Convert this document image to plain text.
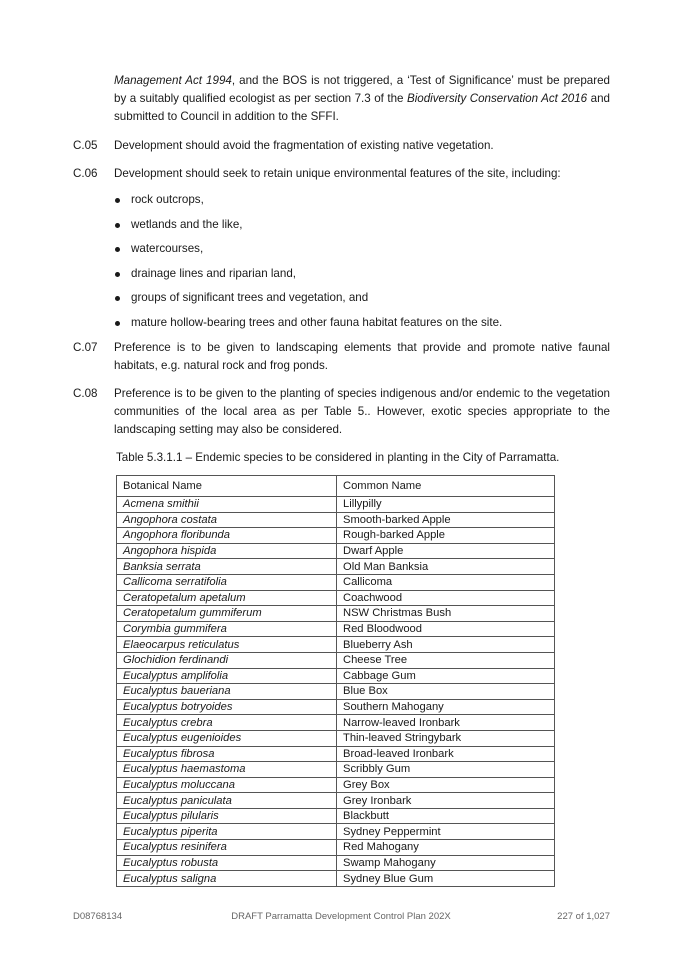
Management Act 1994, and the BOS is not triggered, a ‘Test of Significance’ must be prepared by a suitably qualified ecologist as per section 7.3 of the Biodiversity Conservation Act 2016 and submitted to Council in addition to the SFFI.

C.05	Development should avoid the fragmentation of existing native vegetation.
C.06	Development should seek to retain unique environmental features of the site, including:
rock outcrops,
wetlands and the like,
watercourses,
drainage lines and riparian land,
groups of significant trees and vegetation, and
mature hollow-bearing trees and other fauna habitat features on the site.
C.07	Preference is to be given to landscaping elements that provide and promote native faunal habitats, e.g. natural rock and frog ponds.
C.08	Preference is to be given to the planting of species indigenous and/or endemic to the vegetation communities of the local area as per Table 5.. However, exotic species appropriate to the landscaping setting may also be considered.
Table 5.3.1.1 – Endemic species to be considered in planting in the City of Parramatta.
Botanical Name	Common Name
Acmena smithii	Lillypilly
Angophora costata	Smooth-barked Apple
Angophora floribunda	Rough-barked Apple
Angophora hispida	Dwarf Apple
Banksia serrata	Old Man Banksia
Callicoma serratifolia	Callicoma
Ceratopetalum apetalum	Coachwood
Ceratopetalum gummiferum	NSW Christmas Bush
Corymbia gummifera	Red Bloodwood
Elaeocarpus reticulatus	Blueberry Ash
Glochidion ferdinandi	Cheese Tree
Eucalyptus amplifolia	Cabbage Gum
Eucalyptus baueriana	Blue Box
Eucalyptus botryoides	Southern Mahogany
Eucalyptus crebra	Narrow-leaved Ironbark
Eucalyptus eugenioides	Thin-leaved Stringybark
Eucalyptus fibrosa	Broad-leaved Ironbark
Eucalyptus haemastoma	Scribbly Gum
Eucalyptus moluccana	Grey Box
Eucalyptus paniculata	Grey Ironbark
Eucalyptus pilularis	Blackbutt
Eucalyptus piperita	Sydney Peppermint
Eucalyptus resinifera	Red Mahogany
Eucalyptus robusta	Swamp Mahogany
Eucalyptus saligna	Sydney Blue Gum
D08768134	DRAFT Parramatta Development Control Plan 202X	227 of 1,027
